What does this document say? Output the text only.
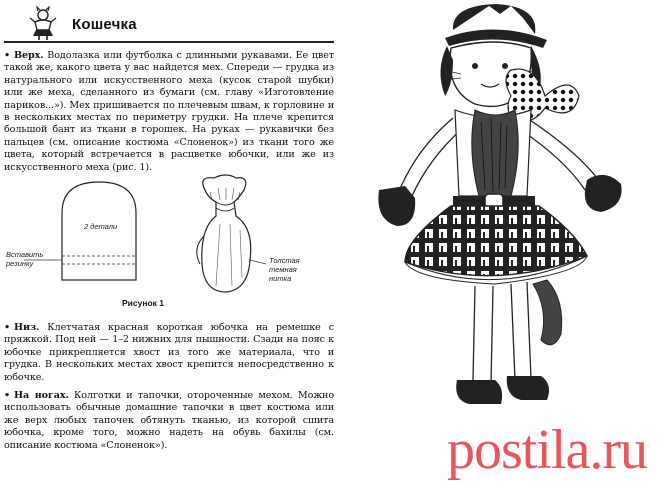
Кошечка
• Верх. Водолазка или футболка с длинными рукавами. Ее цвет такой же, какого цвета у вас найдется мех. Спереди — грудка из натурального или искусственного меха (кусок старой шубки) или же меха, сделанного из бумаги (см. главу «Изготовление париков...»). Мех пришивается по плечевым швам, к горловине и в нескольких местах по периметру грудки. На плече крепится большой бант из ткани в горошек. На руках — рукавички без пальцев (см. описание костюма «Слоненок») из ткани того же цвета, который встречается в расцветке юбочки, или же из искусственного меха (рис. 1).
2 детали
Вставить резинку	Толстая темная нитка
Рисунок 1
• Низ. Клетчатая красная короткая юбочка на ремешке с пряжкой. Под ней — 1–2 нижних для пышности. Сзади на пояс к юбочке прикрепляется хвост из того же материала, что и грудка. В нескольких местах хвост крепится непосредственно к юбочке.
• На ногах. Колготки и тапочки, отороченные мехом. Можно использовать обычные домашние тапочки в цвет костюма или же верх любых тапочек обтянуть тканью, из которой сшита юбочка, кроме того, можно надеть на обувь бахилы (см. описание костюма «Слоненок»).	postila.ru
